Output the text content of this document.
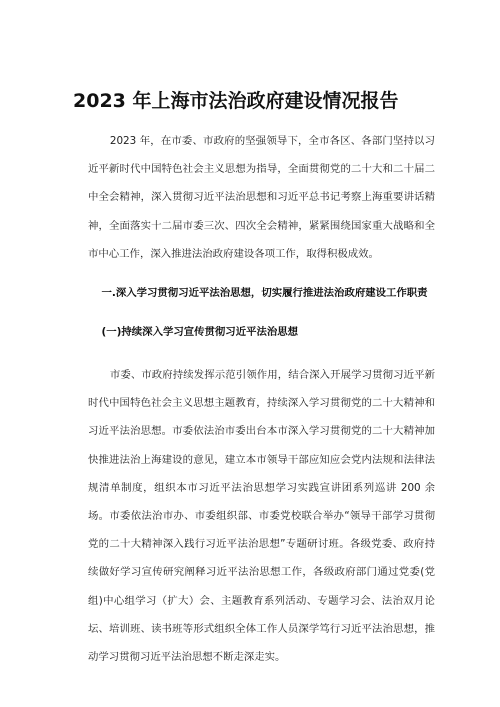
2023 年上海市法治政府建设情况报告

2023 年，在市委、市政府的坚强领导下，全市各区、各部门坚持以习近平新时代中国特色社会主义思想为指导，全面贯彻党的二十大和二十届二中全会精神，深入贯彻习近平法治思想和习近平总书记考察上海重要讲话精神，全面落实十二届市委三次、四次全会精神，紧紧围绕国家重大战略和全市中心工作，深入推进法治政府建设各项工作，取得积极成效。

一.深入学习贯彻习近平法治思想，切实履行推进法治政府建设工作职责
(一)持续深入学习宣传贯彻习近平法治思想

市委、市政府持续发挥示范引领作用，结合深入开展学习贯彻习近平新时代中国特色社会主义思想主题教育，持续深入学习贯彻党的二十大精神和习近平法治思想。市委依法治市委出台本市深入学习贯彻党的二十大精神加快推进法治上海建设的意见，建立本市领导干部应知应会党内法规和法律法规清单制度，组织本市习近平法治思想学习实践宣讲团系列巡讲 200 余场。市委依法治市办、市委组织部、市委党校联合举办“领导干部学习贯彻党的二十大精神深入践行习近平法治思想”专题研讨班。各级党委、政府持续做好学习宣传研究阐释习近平法治思想工作，各级政府部门通过党委(党组)中心组学习（扩大）会、主题教育系列活动、专题学习会、法治双月论坛、培训班、读书班等形式组织全体工作人员深学笃行习近平法治思想，推动学习贯彻习近平法治思想不断走深走实。
